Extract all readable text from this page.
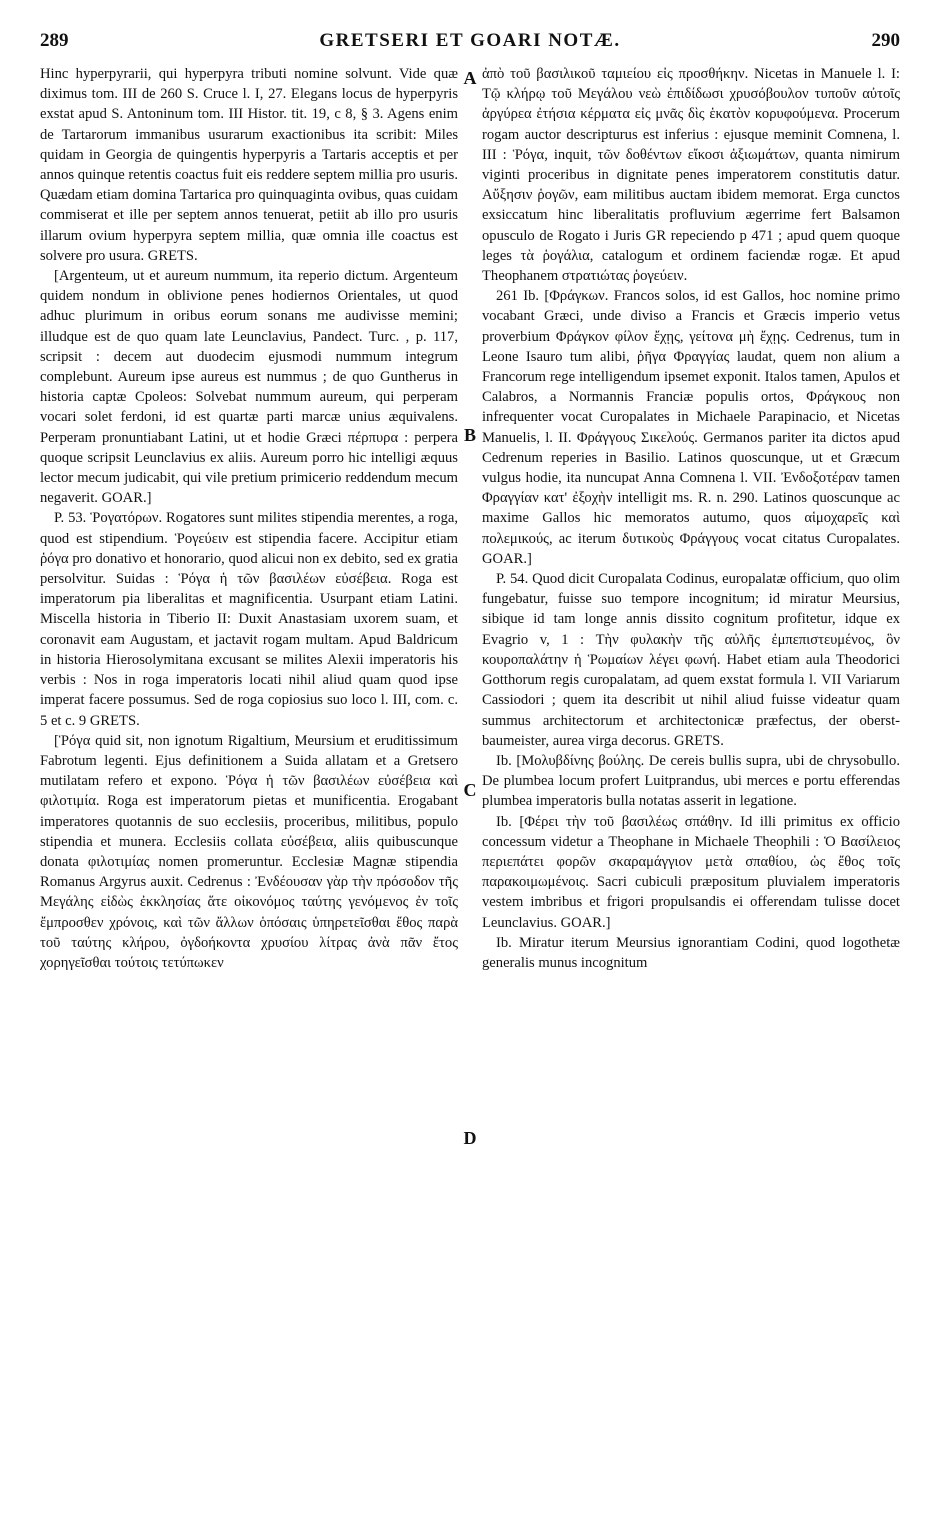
289	GRETSERI ET GOARI NOTÆ.	290

Hinc hyperpyrarii, qui hyperpyra tributi nomine solvunt. Vide quæ diximus tom. III de 260 S. Cruce l. I, 27. Elegans locus de hyperpyris exstat apud S. Antoninum tom. III Histor. tit. 19, c 8, § 3. Agens enim de Tartarorum immanibus usurarum exactionibus ita scribit: Miles quidam in Georgia de quingentis hyperpyris a Tartaris acceptis et per annos quinque retentis coactus fuit eis reddere septem millia pro usuris. Quædam etiam domina Tartarica pro quinquaginta ovibus, quas cuidam commiserat et ille per septem annos tenuerat, petiit ab illo pro usuris illarum ovium hyperpyra septem millia, quæ omnia ille coactus est solvere pro usura. GRETS.

[Argenteum, ut et aureum nummum, ita reperio dictum. Argenteum quidem nondum in oblivione penes hodiernos Orientales, ut quod adhuc plurimum in oribus eorum sonans me audivisse memini; illudque est de quo quam late Leunclavius, Pandect. Turc. , p. 117, scripsit : decem aut duodecim ejusmodi nummum integrum complebunt. Aureum ipse aureus est nummus ; de quo Guntherus in historia captæ Cpoleos: Solvebat nummum aureum, qui perperam vocari solet ferdoni, id est quartæ parti marcæ unius æquivalens. Perperam pronuntiabant Latini, ut et hodie Græci πέρπυρα : perpera quoque scripsit Leunclavius ex aliis. Aureum porro hic intelligi æquus lector mecum judicabit, qui vile pretium primicerio reddendum mecum negaverit. GOAR.]

P. 53. Ῥογατόρων. Rogatores sunt milites stipendia merentes, a roga, quod est stipendium. Ῥογεύειν est stipendia facere. Accipitur etiam ῥόγα pro donativo et honorario, quod alicui non ex debito, sed ex gratia persolvitur. Suidas : Ῥόγα ἡ τῶν βασιλέων εὐσέβεια. Roga est imperatorum pia liberalitas et magnificentia. Usurpant etiam Latini. Miscella historia in Tiberio II: Duxit Anastasiam uxorem suam, et coronavit eam Augustam, et jactavit rogam multam. Apud Baldricum in historia Hierosolymitana excusant se milites Alexii imperatoris his verbis : Nos in roga imperatoris locati nihil aliud quam quod ipse imperat facere possumus. Sed de roga copiosius suo loco l. III, com. c. 5 et c. 9 GRETS.

[Ῥόγα quid sit, non ignotum Rigaltium, Meursium et eruditissimum Fabrotum legenti. Ejus definitionem a Suida allatam et a Gretsero mutilatam refero et expono. Ῥόγα ἡ τῶν βασιλέων εὐσέβεια καὶ φιλοτιμία. Roga est imperatorum pietas et munificentia. Erogabant imperatores quotannis de suo ecclesiis, proceribus, militibus, populo stipendia et munera. Ecclesiis collata εὐσέβεια, aliis quibuscunque donata φιλοτιμίας nomen promeruntur. Ecclesiæ Magnæ stipendia Romanus Argyrus auxit. Cedrenus : Ἐνδέουσαν γὰρ τὴν πρόσοδον τῆς Μεγάλης εἰδὼς ἐκκλησίας ἅτε οἰκονόμος ταύτης γενόμενος ἐν τοῖς ἔμπροσθεν χρόνοις, καὶ τῶν ἄλλων ὁπόσαις ὑπηρετεῖσθαι ἔθος παρὰ τοῦ ταύτης κλήρου, ὀγδοήκοντα χρυσίου λίτρας ἀνὰ πᾶν ἔτος χορηγεῖσθαι τούτοις τετύπωκεν

ἀπὸ τοῦ βασιλικοῦ ταμιείου εἰς προσθήκην. Nicetas in Manuele l. I: Τῷ κλήρῳ τοῦ Μεγάλου νεὼ ἐπιδίδωσι χρυσόβουλον τυποῦν αὐτοῖς ἀργύρεα ἐτήσια κέρματα εἰς μνᾶς δὶς ἑκατὸν κορυφούμενα. Procerum rogam auctor descripturus est inferius : ejusque meminit Comnena, l. III : Ῥόγα, inquit, τῶν δοθέντων εἴκοσι ἀξιωμάτων, quanta nimirum viginti proceribus in dignitate penes imperatorem constitutis datur. Αὔξησιν ῥογῶν, eam militibus auctam ibidem memorat. Erga cunctos exsiccatum hinc liberalitatis profluvium ægerrime fert Balsamon opusculo de Rogato i Juris GR repeciendo p 471 ; apud quem quoque leges τὰ ῥογάλια, catalogum et ordinem faciendæ rogæ. Et apud Theophanem στρατιώτας ῥογεύειν.

261 Ib. [Φράγκων. Francos solos, id est Gallos, hoc nomine primo vocabant Græci, unde diviso a Francis et Græcis imperio vetus proverbium Φράγκον φίλον ἔχῃς, γείτονα μὴ ἔχῃς. Cedrenus, tum in Leone Isauro tum alibi, ῥῆγα Φραγγίας laudat, quem non alium a Francorum rege intelligendum ipsemet exponit. Italos tamen, Apulos et Calabros, a Normannis Franciæ populis ortos, Φράγκους non infrequenter vocat Curopalates in Michaele Parapinacio, et Nicetas Manuelis, l. II. Φράγγους Σικελούς. Germanos pariter ita dictos apud Cedrenum reperies in Basilio. Latinos quoscunque, ut et Græcum vulgus hodie, ita nuncupat Anna Comnena l. VII. Ἐνδοξοτέραν tamen Φραγγίαν κατ' ἐξοχὴν intelligit ms. R. n. 290. Latinos quoscunque ac maxime Gallos hic memoratos autumo, quos αἱμοχαρεῖς καὶ πολεμικούς, ac iterum δυτικοὺς Φράγγους vocat citatus Curopalates. GOAR.]

P. 54. Quod dicit Curopalata Codinus, europalatæ officium, quo olim fungebatur, fuisse suo tempore incognitum; id miratur Meursius, sibique id tam longe annis dissito cognitum profitetur, idque ex Evagrio v, 1 : Τὴν φυλακὴν τῆς αὐλῆς ἐμπεπιστευμένος, ὃν κουροπαλάτην ἡ Ῥωμαίων λέγει φωνή. Habet etiam aula Theodorici Gotthorum regis curopalatam, ad quem exstat formula l. VII Variarum Cassiodori ; quem ita describit ut nihil aliud fuisse videatur quam summus architectorum et architectonicæ præfectus, der oberst-baumeister, aurea virga decorus. GRETS.

Ib. [Μολυβδίνης βούλης. De cereis bullis supra, ubi de chrysobullo. De plumbea locum profert Luitprandus, ubi merces e portu efferendas plumbea imperatoris bulla notatas asserit in legatione.

Ib. [Φέρει τὴν τοῦ βασιλέως σπάθην. Id illi primitus ex officio concessum videtur a Theophane in Michaele Theophili : Ὁ Βασίλειος περιεπάτει φορῶν σκαραμάγγιον μετὰ σπαθίου, ὡς ἔθος τοῖς παρακοιμωμένοις. Sacri cubiculi præpositum pluvialem imperatoris vestem imbribus et frigori propulsandis ei offerendam tulisse docet Leunclavius. GOAR.]

Ib. Miratur iterum Meursius ignorantiam Codini, quod logothetæ generalis munus incognitum

A
B
C
D
